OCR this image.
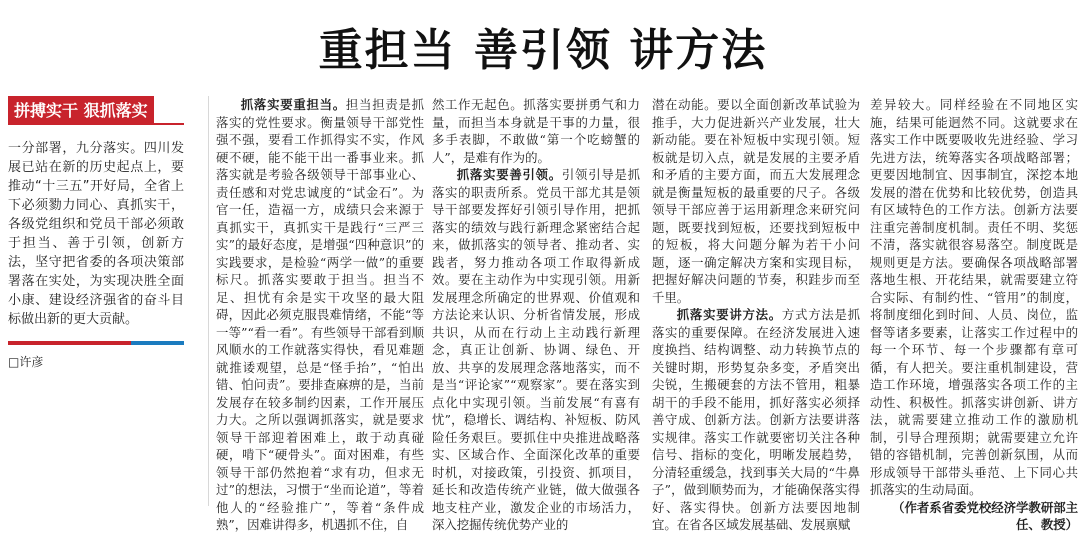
重担当 善引领 讲方法
拼搏实干 狠抓落实
一分部署，九分落实。四川发展已站在新的历史起点上，要推动“十三五”开好局，全省上下必须勠力同心、真抓实干，各级党组织和党员干部必须敢于担当、善于引领，创新方法，坚守把省委的各项决策部署落在实处，为实现决胜全面小康、建设经济强省的奋斗目标做出新的更大贡献。
□许彦

抓落实要重担当。担当担责是抓落实的党性要求。衡量领导干部党性强不强，要看工作抓得实不实，作风硬不硬，能不能干出一番事业来。抓落实就是考验各级领导干部事业心、责任感和对党忠诚度的“试金石”。为官一任，造福一方，成绩只会来源于真抓实干，真抓实干是践行“三严三实”的最好态度，是增强“四种意识”的实践要求，是检验“两学一做”的重要标尺。抓落实要敢于担当。担当不足、担忧有余是实干攻坚的最大阻碍，因此必须克服畏难情绪，不能“等一等”“看一看”。有些领导干部看到顺风顺水的工作就落实得快，看见难题就推诿观望，总是“怪手抬”，“怕出错、怕问责”。要排查麻痹的是，当前发展存在较多制约因素，工作开展压力大。之所以强调抓落实，就是要求领导干部迎着困难上，敢于动真碰硬，啃下“硬骨头”。面对困难，有些领导干部仍然抱着“求有功，但求无过”的想法，习惯于“坐而论道”，等着他人的“经验推广”，等着“条件成熟”，因难讲得多，机遇抓不住，自

然工作无起色。抓落实要拼勇气和力量，而担当本身就是干事的力量，很多手表脚，不敢做“第一个吃螃蟹的人”，是难有作为的。

抓落实要善引领。引领引导是抓落实的职责所系。党员干部尤其是领导干部要发挥好引领引导作用，把抓落实的绩效与践行新理念紧密结合起来，做抓落实的领导者、推动者、实践者，努力推动各项工作取得新成效。要在主动作为中实现引领。用新发展理念所确定的世界观、价值观和方法论来认识、分析省情发展，形成共识，从而在行动上主动践行新理念，真正让创新、协调、绿色、开放、共享的发展理念落地落实，而不是当“评论家”“观察家”。要在落实到点化中实现引领。当前发展“有喜有忧”，稳增长、调结构、补短板、防风险任务艰巨。要抓住中央推进战略落实、区域合作、全面深化改革的重要时机，对接政策，引投资、抓项目，延长和改造传统产业链，做大做强各地支柱产业，激发企业的市场活力，深入挖掘传统优势产业的

潜在动能。要以全面创新改革试验为推手，大力促进新兴产业发展，壮大新动能。要在补短板中实现引领。短板就是切入点，就是发展的主要矛盾和矛盾的主要方面，而五大发展理念就是衡量短板的最重要的尺子。各级领导干部应善于运用新理念来研究问题，既要找到短板，还要找到短板中的短板，将大问题分解为若干小问题，逐一确定解决方案和实现目标，把握好解决问题的节奏，积跬步而至千里。

抓落实要讲方法。方式方法是抓落实的重要保障。在经济发展进入速度换挡、结构调整、动力转换节点的关键时期，形势复杂多变，矛盾突出尖锐，生搬硬套的方法不管用，粗暴胡干的手段不能用，抓好落实必须择善守成、创新方法。创新方法要讲落实规律。落实工作就要密切关注各种信号、指标的变化，明晰发展趋势，分清轻重缓急，找到事关大局的“牛鼻子”，做到顺势而为，才能确保落实得好、落实得快。创新方法要因地制宜。在省各区域发展基础、发展禀赋

差异较大。同样经验在不同地区实施，结果可能迥然不同。这就要求在落实工作中既要吸收先进经验、学习先进方法，统筹落实各项战略部署；更要因地制宜、因事制宜，深挖本地发展的潜在优势和比较优势，创造具有区域特色的工作方法。创新方法要注重完善制度机制。责任不明、奖惩不清，落实就很容易落空。制度既是规则更是方法。要确保各项战略部署落地生根、开花结果，就需要建立符合实际、有制约性、“管用”的制度，将制度细化到时间、人员、岗位，监督等诸多要素，让落实工作过程中的每一个环节、每一个步骤都有章可循，有人把关。要注重机制建设，营造工作环境，增强落实各项工作的主动性、积极性。抓落实讲创新、讲方法，就需要建立推动工作的激励机制，引导合理预期；就需要建立允许错的容错机制，完善创新氛围，从而形成领导干部带头垂范、上下同心共抓落实的生动局面。

（作者系省委党校经济学教研部主任、教授）
